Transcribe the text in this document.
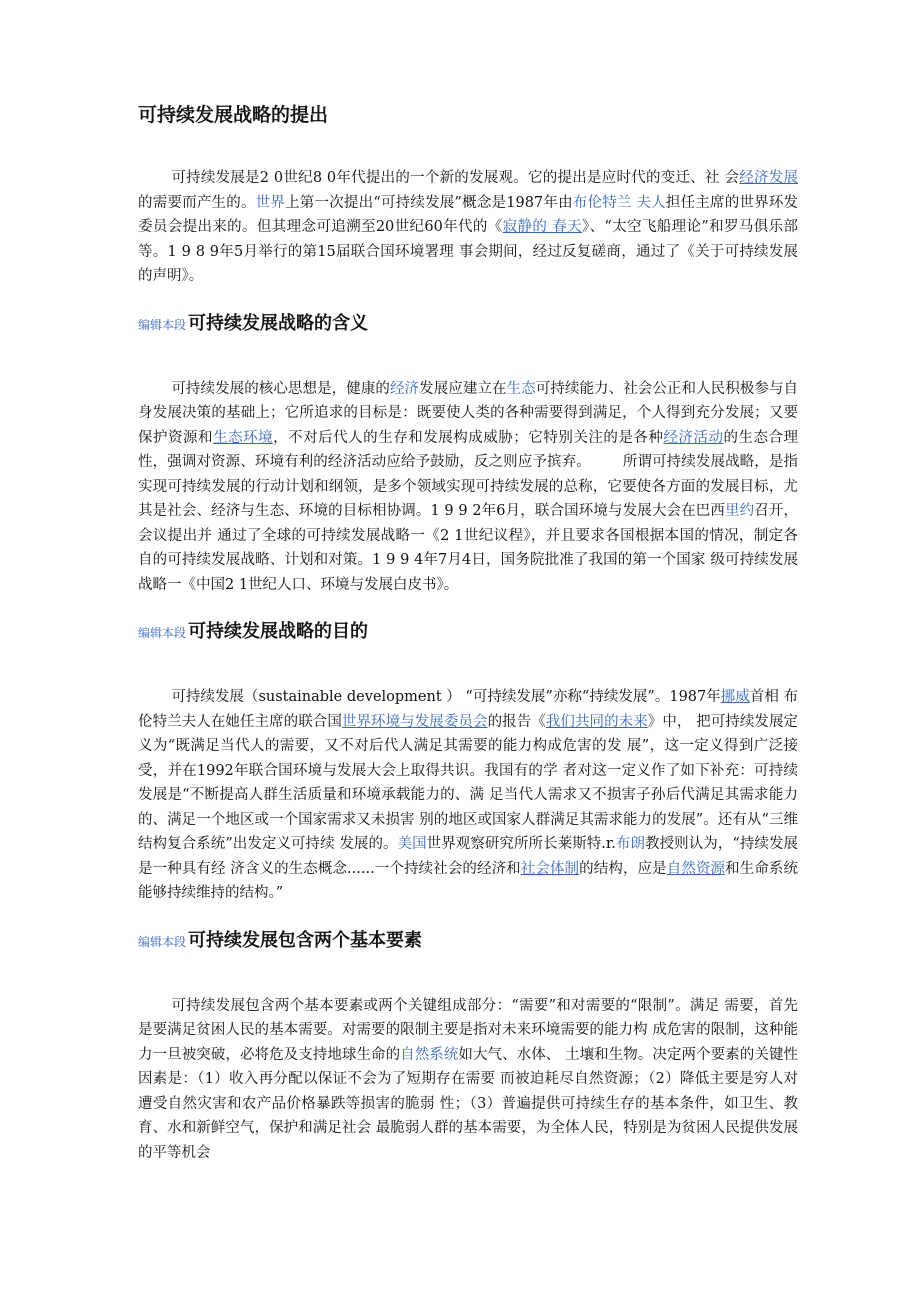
可持续发展战略的提出

可持续发展是2 0世纪8 0年代提出的一个新的发展观。它的提出是应时代的变迁、社 会经济发展的需要而产生的。世界上第一次提出“可持续发展”概念是1987年由布伦特兰 夫人担任主席的世界环发委员会提出来的。但其理念可追溯至20世纪60年代的《寂静的 春天》、“太空飞船理论”和罗马俱乐部等。1 9 8 9年5月举行的第15届联合国环境署理 事会期间，经过反复磋商，通过了《关于可持续发展的声明》。

编辑本段 可持续发展战略的含义

可持续发展的核心思想是，健康的经济发展应建立在生态可持续能力、社会公正和人民积极参与自身发展决策的基础上；它所追求的目标是：既要使人类的各种需要得到满足，个人得到充分发展；又要保护资源和生态环境，不对后代人的生存和发展构成威胁；它特别关注的是各种经济活动的生态合理性，强调对资源、环境有利的经济活动应给予鼓励，反之则应予摈弃。 所谓可持续发展战略，是指实现可持续发展的行动计划和纲领，是多个领域实现可持续发展的总称，它要使各方面的发展目标，尤其是社会、经济与生态、环境的目标相协调。1 9 9 2年6月，联合国环境与发展大会在巴西里约召开，会议提出并 通过了全球的可持续发展战略一《2 1世纪议程》，并且要求各国根据本国的情况，制定各 自的可持续发展战略、计划和对策。1 9 9 4年7月4日，国务院批准了我国的第一个国家 级可持续发展战略一《中国2 1世纪人口、环境与发展白皮书》。

编辑本段 可持续发展战略的目的

可持续发展（sustainable development ） “可持续发展”亦称“持续发展”。1987年挪威首相 布伦特兰夫人在她任主席的联合国世界环境与发展委员会的报告《我们共同的未来》中， 把可持续发展定义为“既满足当代人的需要，又不对后代人满足其需要的能力构成危害的发 展”，这一定义得到广泛接受，并在1992年联合国环境与发展大会上取得共识。我国有的学 者对这一定义作了如下补充：可持续发展是“不断提高人群生活质量和环境承载能力的、满 足当代人需求又不损害子孙后代满足其需求能力的、满足一个地区或一个国家需求又未损害 别的地区或国家人群满足其需求能力的发展”。还有从“三维结构复合系统”出发定义可持续 发展的。美国世界观察研究所所长莱斯特.r.布朗教授则认为，“持续发展是一种具有经 济含义的生态概念......一个持续社会的经济和社会体制的结构，应是自然资源和生命系统 能够持续维持的结构。”

编辑本段 可持续发展包含两个基本要素

可持续发展包含两个基本要素或两个关键组成部分：“需要”和对需要的“限制”。满足 需要，首先是要满足贫困人民的基本需要。对需要的限制主要是指对未来环境需要的能力构 成危害的限制，这种能力一旦被突破，必将危及支持地球生命的自然系统如大气、水体、 土壤和生物。决定两个要素的关键性因素是：（1）收入再分配以保证不会为了短期存在需要 而被迫耗尽自然资源；（2）降低主要是穷人对遭受自然灾害和农产品价格暴跌等损害的脆弱 性；（3）普遍提供可持续生存的基本条件，如卫生、教育、水和新鲜空气，保护和满足社会 最脆弱人群的基本需要，为全体人民，特别是为贫困人民提供发展的平等机会
